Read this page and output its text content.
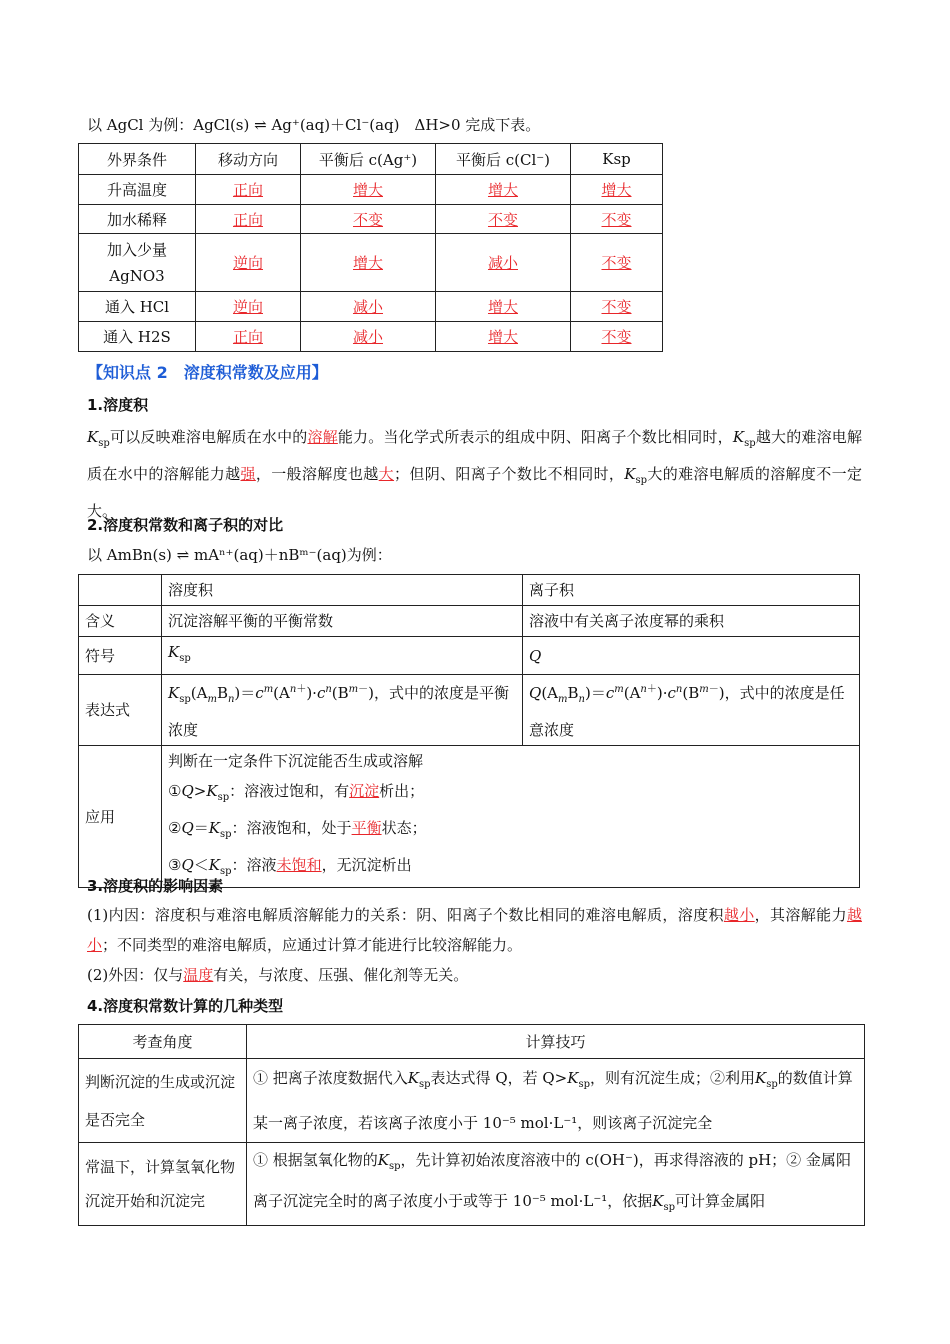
以 AgCl 为例：AgCl(s) ⇌ Ag⁺(aq)＋Cl⁻(aq)　ΔH>0 完成下表。
外界条件	移动方向	平衡后 c(Ag⁺)	平衡后 c(Cl⁻)	Ksp
升高温度	正向	增大	增大	增大
加水稀释	正向	不变	不变	不变
加入少量 AgNO3	逆向	增大	减小	不变
通入 HCl	逆向	减小	增大	不变
通入 H2S	正向	减小	增大	不变
【知识点 2　溶度积常数及应用】
1.溶度积
$K_{sp}$可以反映难溶电解质在水中的溶解能力。当化学式所表示的组成中阴、阳离子个数比相同时，$K_{sp}$越大的难溶电解质在水中的溶解能力越强，一般溶解度也越大；但阴、阳离子个数比不相同时，$K_{sp}$大的难溶电解质的溶解度不一定大。
2.溶度积常数和离子积的对比
以 AmBn(s) ⇌ mAⁿ⁺(aq)＋nBᵐ⁻(aq)为例：
	溶度积	离子积
含义	沉淀溶解平衡的平衡常数	溶液中有关离子浓度幂的乘积
符号	$K_{sp}$	Q
表达式	$K_{sp}(A_mB_n)=c^m(A^{n+})\cdot c^n(B^{m-})$，式中的浓度是平衡浓度	$Q(A_mB_n)=c^m(A^{n+})\cdot c^n(B^{m-})$，式中的浓度是任意浓度
应用	判断在一定条件下沉淀能否生成或溶解
$①Q>K_{sp}$：溶液过饱和，有沉淀析出；
$②Q=K_{sp}$：溶液饱和，处于平衡状态；
$③Q<K_{sp}$：溶液未饱和，无沉淀析出	
3.溶度积的影响因素
(1)内因：溶度积与难溶电解质溶解能力的关系：阴、阳离子个数比相同的难溶电解质，溶度积越小，其溶解能力越小；不同类型的难溶电解质，应通过计算才能进行比较溶解能力。
(2)外因：仅与温度有关，与浓度、压强、催化剂等无关。
4.溶度积常数计算的几种类型
考查角度	计算技巧
判断沉淀的生成或沉淀是否完全	① 把离子浓度数据代入$K_{sp}$表达式得 Q，若 $Q>K_{sp}$，则有沉淀生成；②利用$K_{sp}$的数值计算某一离子浓度，若该离子浓度小于 10⁻⁵ mol·L⁻¹，则该离子沉淀完全
常温下，计算氢氧化物沉淀开始和沉淀完	① 根据氢氧化物的$K_{sp}$，先计算初始浓度溶液中的 c(OH⁻)，再求得溶液的 pH；② 金属阳离子沉淀完全时的离子浓度小于或等于 10⁻⁵ mol·L⁻¹，依据$K_{sp}$可计算金属阳
